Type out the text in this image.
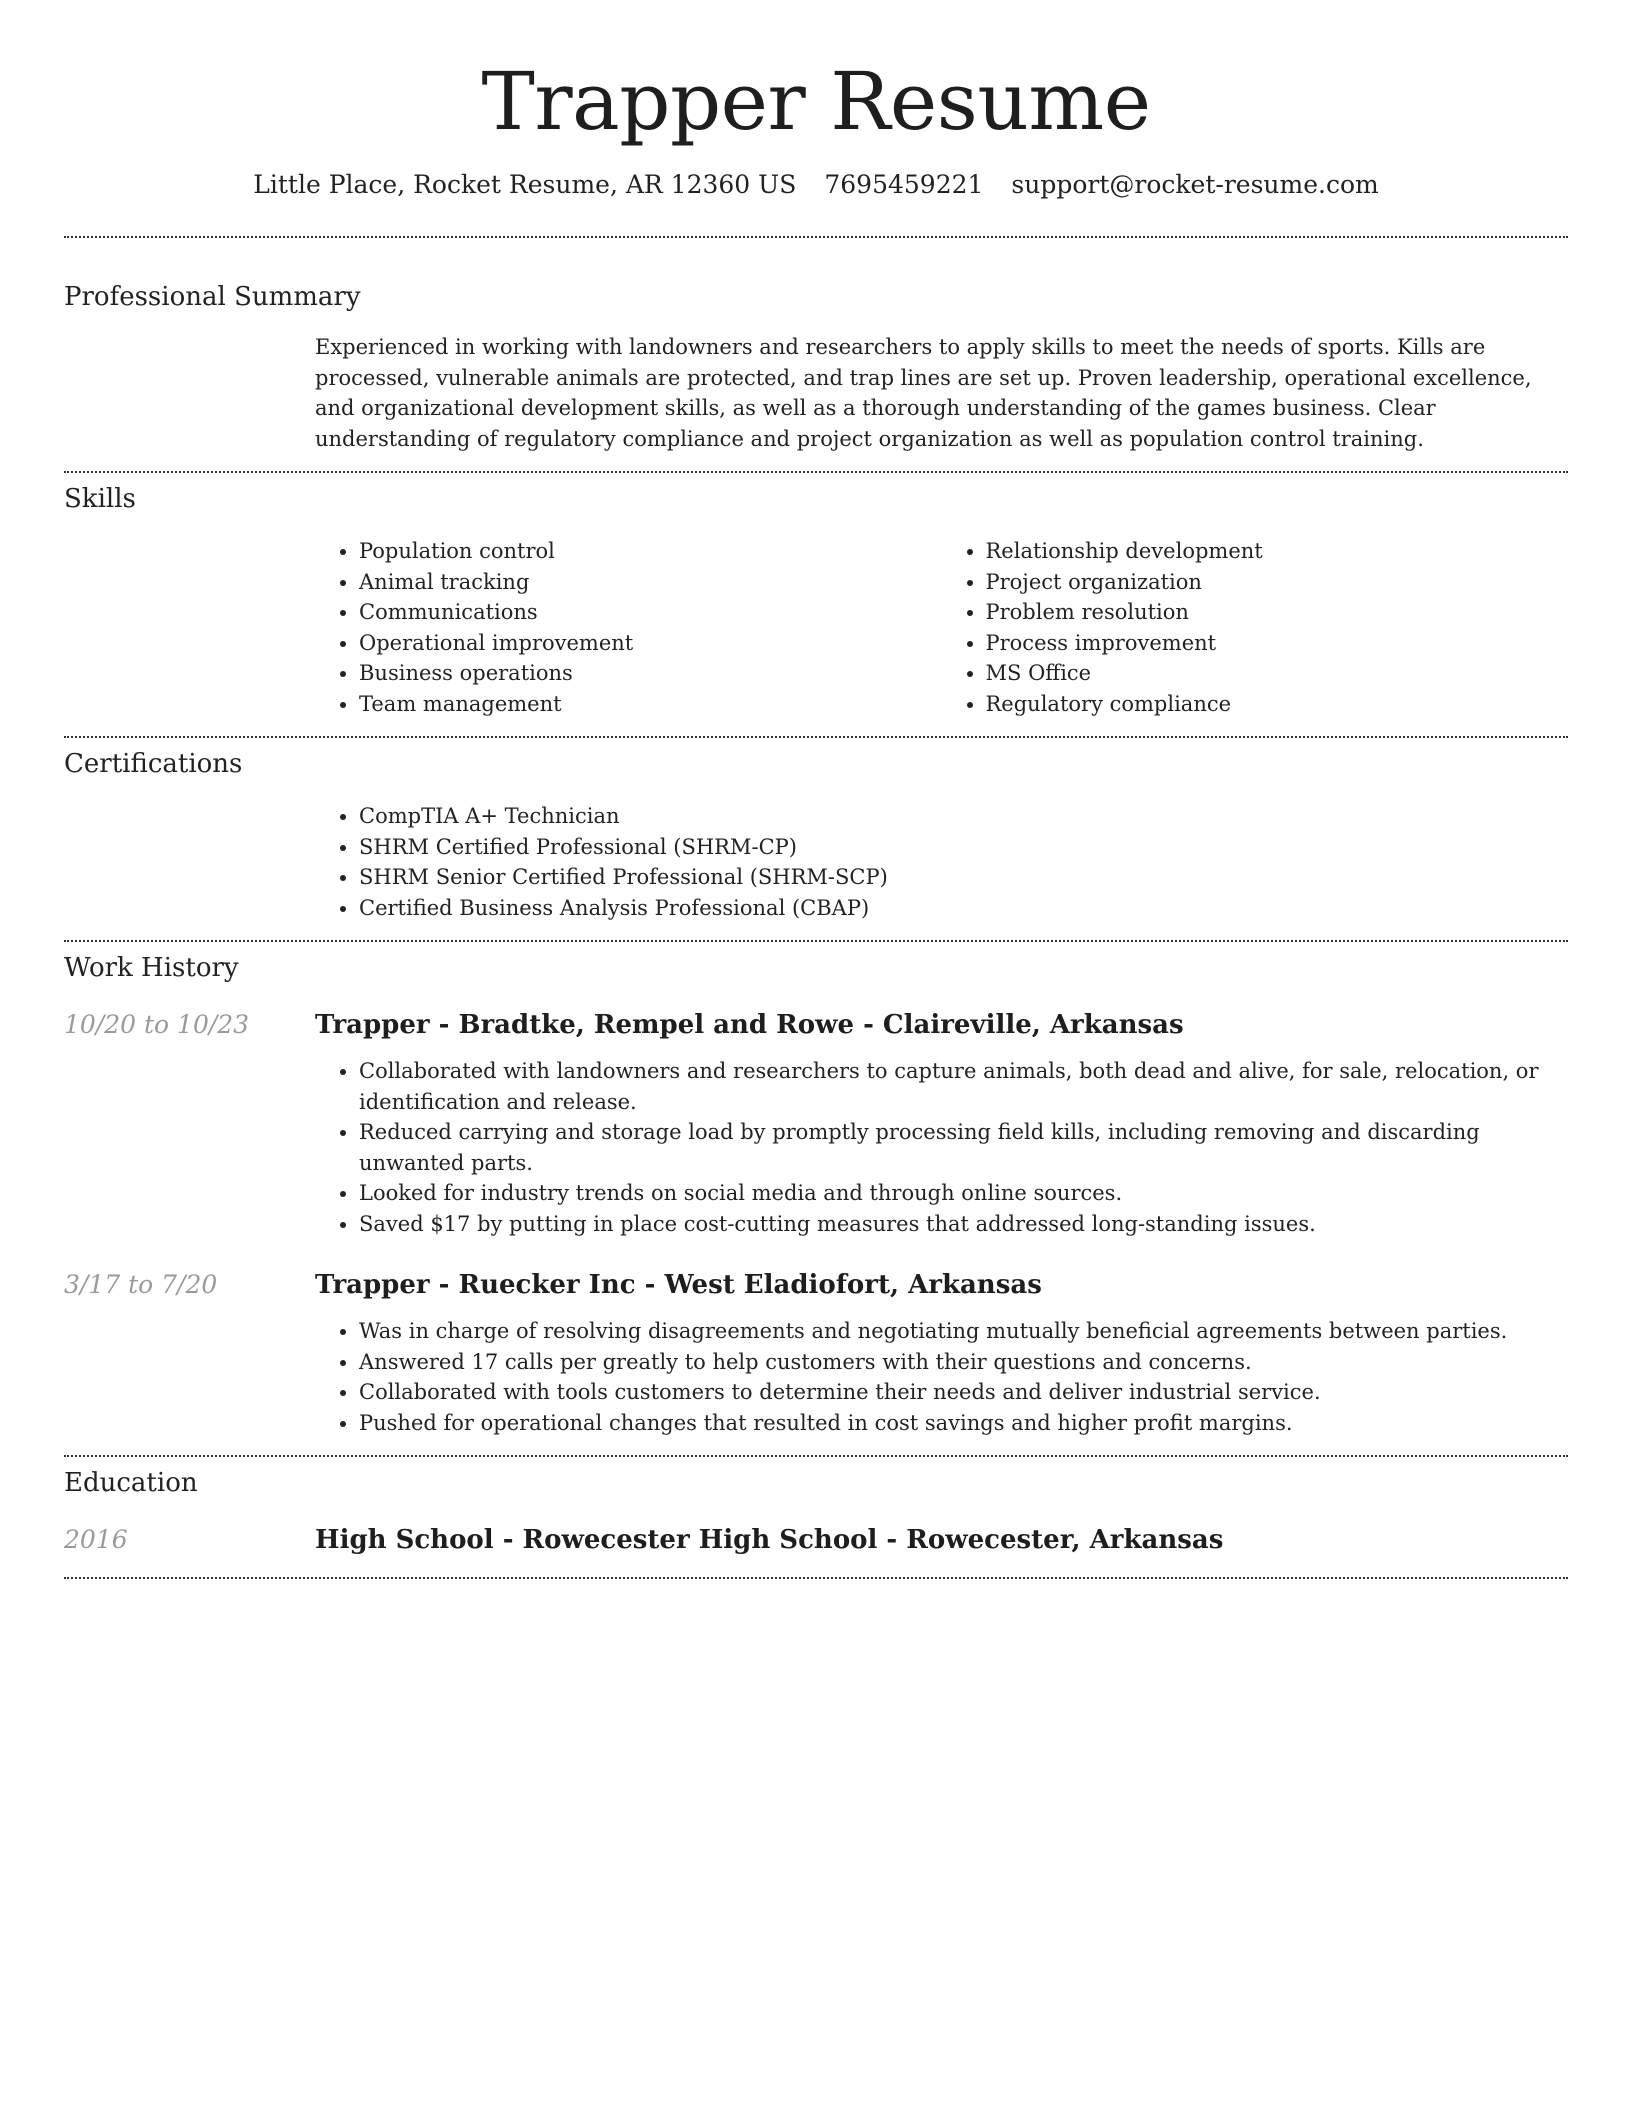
Trapper Resume
Little Place, Rocket Resume, AR 12360 US 7695459221 support@rocket-resume.com
Professional Summary

Experienced in working with landowners and researchers to apply skills to meet the needs of sports. Kills are processed, vulnerable animals are protected, and trap lines are set up. Proven leadership, operational excellence, and organizational development skills, as well as a thorough understanding of the games business. Clear understanding of regulatory compliance and project organization as well as population control training.

Skills
• Population control
• Animal tracking
• Communications
• Operational improvement
• Business operations
• Team management
• Relationship development
• Project organization
• Problem resolution
• Process improvement
• MS Office
• Regulatory compliance
Certifications
• CompTIA A+ Technician
• SHRM Certified Professional (SHRM-CP)
• SHRM Senior Certified Professional (SHRM-SCP)
• Certified Business Analysis Professional (CBAP)
Work History
10/20 to 10/23	Trapper - Bradtke, Rempel and Rowe - Claireville, Arkansas
• Collaborated with landowners and researchers to capture animals, both dead and alive, for sale, relocation, or identification and release.
• Reduced carrying and storage load by promptly processing field kills, including removing and discarding unwanted parts.
• Looked for industry trends on social media and through online sources.
• Saved $17 by putting in place cost-cutting measures that addressed long-standing issues.
3/17 to 7/20	Trapper - Ruecker Inc - West Eladiofort, Arkansas
• Was in charge of resolving disagreements and negotiating mutually beneficial agreements between parties.
• Answered 17 calls per greatly to help customers with their questions and concerns.
• Collaborated with tools customers to determine their needs and deliver industrial service.
• Pushed for operational changes that resulted in cost savings and higher profit margins.
Education
2016	High School - Rowecester High School - Rowecester, Arkansas
